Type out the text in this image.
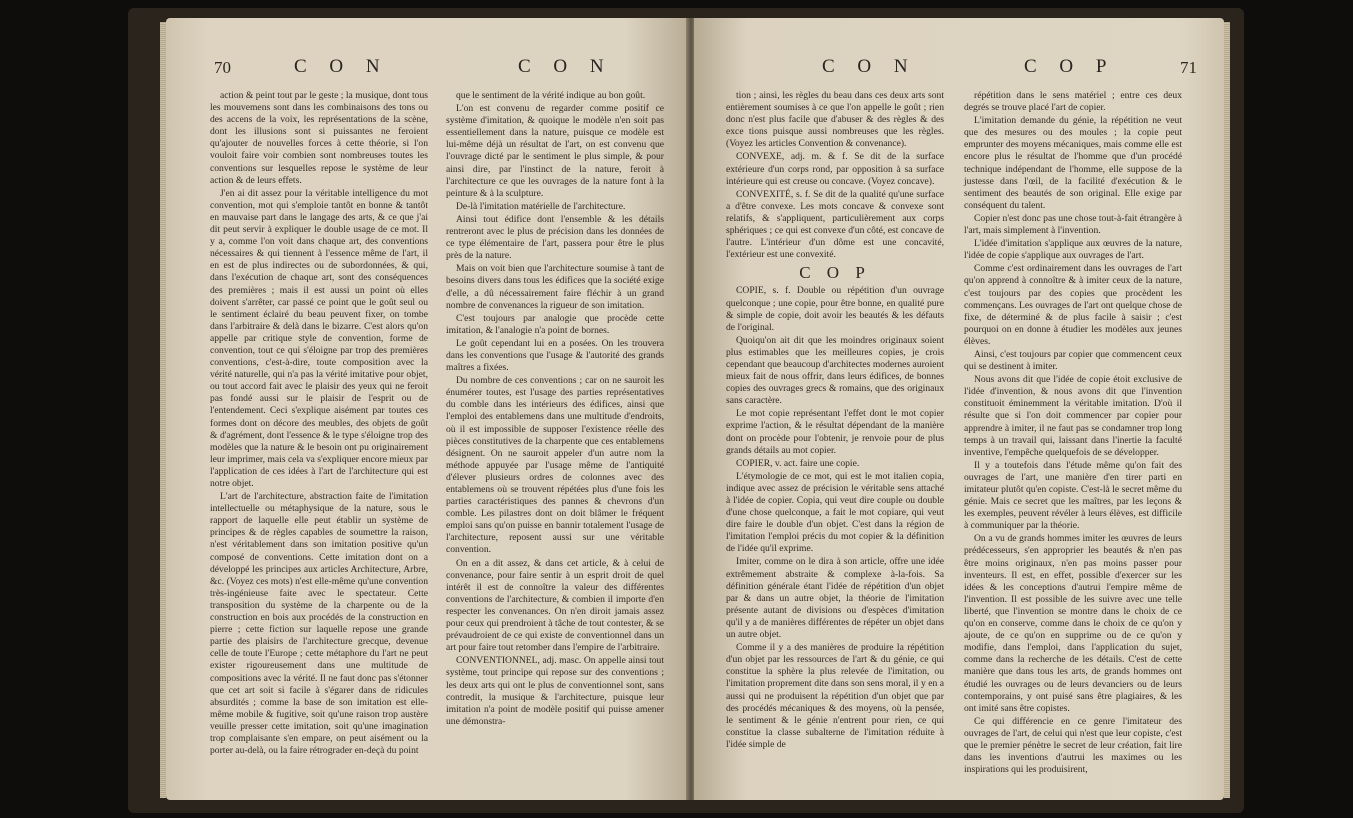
70	C O N	C O N

action & peint tout par le geste ; la musique, dont tous les mouvemens sont dans les combinaisons des tons ou des accens de la voix, les représentations de la scène, dont les illusions sont si puissantes ne feroient qu'ajouter de nouvelles forces à cette théorie, si l'on vouloit faire voir combien sont nombreuses toutes les conventions sur lesquelles repose le système de leur action & de leurs effets.

J'en ai dit assez pour la véritable intelligence du mot convention, mot qui s'emploie tantôt en bonne & tantôt en mauvaise part dans le langage des arts, & ce que j'ai dit peut servir à expliquer le double usage de ce mot. Il y a, comme l'on voit dans chaque art, des conventions nécessaires & qui tiennent à l'essence même de l'art, il en est de plus indirectes ou de subordonnées, & qui, dans l'exécution de chaque art, sont des conséquences des premières ; mais il est aussi un point où elles doivent s'arrêter, car passé ce point que le goût seul ou le sentiment éclairé du beau peuvent fixer, on tombe dans l'arbitraire & delà dans le bizarre. C'est alors qu'on appelle par critique style de convention, forme de convention, tout ce qui s'éloigne par trop des premières conventions, c'est-à-dire, toute composition avec la vérité naturelle, qui n'a pas la vérité imitative pour objet, ou tout accord fait avec le plaisir des yeux qui ne feroit pas fondé aussi sur le plaisir de l'esprit ou de l'entendement. Ceci s'explique aisément par toutes ces formes dont on décore des meubles, des objets de goût & d'agrément, dont l'essence & le type s'éloigne trop des modèles que la nature & le besoin ont pu originairement leur imprimer, mais cela va s'expliquer encore mieux par l'application de ces idées à l'art de l'architecture qui est notre objet.

L'art de l'architecture, abstraction faite de l'imitation intellectuelle ou métaphysique de la nature, sous le rapport de laquelle elle peut établir un système de principes & de règles capables de soumettre la raison, n'est véritablement dans son imitation positive qu'un composé de conventions. Cette imitation dont on a développé les principes aux articles Architecture, Arbre, &c. (Voyez ces mots) n'est elle-même qu'une convention très-ingénieuse faite avec le spectateur. Cette transposition du système de la charpente ou de la construction en bois aux procédés de la construction en pierre ; cette fiction sur laquelle repose une grande partie des plaisirs de l'architecture grecque, devenue celle de toute l'Europe ; cette métaphore du l'art ne peut exister rigoureusement dans une multitude de compositions avec la vérité. Il ne faut donc pas s'étonner que cet art soit si facile à s'égarer dans de ridicules absurdités ; comme la base de son imitation est elle-même mobile & fugitive, soit qu'une raison trop austère veuille presser cette imitation, soit qu'une imagination trop complaisante s'en empare, on peut aisément ou la porter au-delà, ou la faire rétrograder en-deçà du point

que le sentiment de la vérité indique au bon goût.

L'on est convenu de regarder comme positif ce système d'imitation, & quoique le modèle n'en soit pas essentiellement dans la nature, puisque ce modèle est lui-même déjà un résultat de l'art, on est convenu que l'ouvrage dicté par le sentiment le plus simple, & pour ainsi dire, par l'instinct de la nature, feroit à l'architecture ce que les ouvrages de la nature font à la peinture & à la sculpture.

De-là l'imitation matérielle de l'architecture.

Ainsi tout édifice dont l'ensemble & les détails rentreront avec le plus de précision dans les données de ce type élémentaire de l'art, passera pour être le plus près de la nature.

Mais on voit bien que l'architecture soumise à tant de besoins divers dans tous les édifices que la société exige d'elle, a dû nécessairement faire fléchir à un grand nombre de convenances la rigueur de son imitation.

C'est toujours par analogie que procède cette imitation, & l'analogie n'a point de bornes.

Le goût cependant lui en a posées. On les trouvera dans les conventions que l'usage & l'autorité des grands maîtres a fixées.

Du nombre de ces conventions ; car on ne sauroit les énumérer toutes, est l'usage des parties représentatives du comble dans les intérieurs des édifices, ainsi que l'emploi des entablemens dans une multitude d'endroits, où il est impossible de supposer l'existence réelle des pièces constitutives de la charpente que ces entablemens désignent. On ne sauroit appeler d'un autre nom la méthode appuyée par l'usage même de l'antiquité d'élever plusieurs ordres de colonnes avec des entablemens où se trouvent répétées plus d'une fois les parties caractéristiques des pannes & chevrons d'un comble. Les pilastres dont on doit blâmer le fréquent emploi sans qu'on puisse en bannir totalement l'usage de l'architecture, reposent aussi sur une véritable convention.

On en a dit assez, & dans cet article, & à celui de convenance, pour faire sentir à un esprit droit de quel intérêt il est de connoître la valeur des différentes conventions de l'architecture, & combien il importe d'en respecter les convenances. On n'en diroit jamais assez pour ceux qui prendroient à tâche de tout contester, & se prévaudroient de ce qui existe de conventionnel dans un art pour faire tout retomber dans l'empire de l'arbitraire.

CONVENTIONNEL, adj. masc. On appelle ainsi tout système, tout principe qui repose sur des conventions ; les deux arts qui ont le plus de conventionnel sont, sans contredit, la musique & l'architecture, puisque leur imitation n'a point de modèle positif qui puisse amener une démonstra-

C O N	C O P	71

tion ; ainsi, les règles du beau dans ces deux arts sont entièrement soumises à ce que l'on appelle le goût ; rien donc n'est plus facile que d'abuser & des règles & des exce tions puisque aussi nombreuses que les règles. (Voyez les articles Convention & convenance).

CONVEXE, adj. m. & f. Se dit de la surface extérieure d'un corps rond, par opposition à sa surface intérieure qui est creuse ou concave. (Voyez concave).

CONVEXITÉ, s. f. Se dit de la qualité qu'une surface a d'être convexe. Les mots concave & convexe sont relatifs, & s'appliquent, particulièrement aux corps sphériques ; ce qui est convexe d'un côté, est concave de l'autre. L'intérieur d'un dôme est une concavité, l'extérieur est une convexité.

C O P

COPIE, s. f. Double ou répétition d'un ouvrage quelconque ; une copie, pour être bonne, en qualité pure & simple de copie, doit avoir les beautés & les défauts de l'original.

Quoiqu'on ait dit que les moindres originaux soient plus estimables que les meilleures copies, je crois cependant que beaucoup d'architectes modernes auroient mieux fait de nous offrir, dans leurs édifices, de bonnes copies des ouvrages grecs & romains, que des originaux sans caractère.

Le mot copie représentant l'effet dont le mot copier exprime l'action, & le résultat dépendant de la manière dont on procède pour l'obtenir, je renvoie pour de plus grands détails au mot copier.

COPIER, v. act. faire une copie.

L'étymologie de ce mot, qui est le mot italien copia, indique avec assez de précision le véritable sens attaché à l'idée de copier. Copia, qui veut dire couple ou double d'une chose quelconque, a fait le mot copiare, qui veut dire faire le double d'un objet. C'est dans la région de l'imitation l'emploi précis du mot copier & la définition de l'idée qu'il exprime.

Imiter, comme on le dira à son article, offre une idée extrêmement abstraite & complexe à-la-fois. Sa définition générale étant l'idée de répétition d'un objet par & dans un autre objet, la théorie de l'imitation présente autant de divisions ou d'espèces d'imitation qu'il y a de manières différentes de répéter un objet dans un autre objet.

Comme il y a des manières de produire la répétition d'un objet par les ressources de l'art & du génie, ce qui constitue la sphère la plus relevée de l'imitation, ou l'imitation proprement dite dans son sens moral, il y en a aussi qui ne produisent la répétition d'un objet que par des procédés mécaniques & des moyens, où la pensée, le sentiment & le génie n'entrent pour rien, ce qui constitue la classe subalterne de l'imitation réduite à l'idée simple de

répétition dans le sens matériel ; entre ces deux degrés se trouve placé l'art de copier.

L'imitation demande du génie, la répétition ne veut que des mesures ou des moules ; la copie peut emprunter des moyens mécaniques, mais comme elle est encore plus le résultat de l'homme que d'un procédé technique indépendant de l'homme, elle suppose de la justesse dans l'œil, de la facilité d'exécution & le sentiment des beautés de son original. Elle exige par conséquent du talent.

Copier n'est donc pas une chose tout-à-fait étrangère à l'art, mais simplement à l'invention.

L'idée d'imitation s'applique aux œuvres de la nature, l'idée de copie s'applique aux ouvrages de l'art.

Comme c'est ordinairement dans les ouvrages de l'art qu'on apprend à connoître & à imiter ceux de la nature, c'est toujours par des copies que procèdent les commençans. Les ouvrages de l'art ont quelque chose de fixe, de déterminé & de plus facile à saisir ; c'est pourquoi on en donne à étudier les modèles aux jeunes élèves.

Ainsi, c'est toujours par copier que commencent ceux qui se destinent à imiter.

Nous avons dit que l'idée de copie étoit exclusive de l'idée d'invention, & nous avons dit que l'invention constituoit éminemment la véritable imitation. D'où il résulte que si l'on doit commencer par copier pour apprendre à imiter, il ne faut pas se condamner trop long temps à un travail qui, laissant dans l'inertie la faculté inventive, l'empêche quelquefois de se développer.

Il y a toutefois dans l'étude même qu'on fait des ouvrages de l'art, une manière d'en tirer parti en imitateur plutôt qu'en copiste. C'est-là le secret même du génie. Mais ce secret que les maîtres, par les leçons & les exemples, peuvent révéler à leurs élèves, est difficile à communiquer par la théorie.

On a vu de grands hommes imiter les œuvres de leurs prédécesseurs, s'en approprier les beautés & n'en pas être moins originaux, n'en pas moins passer pour inventeurs. Il est, en effet, possible d'exercer sur les idées & les conceptions d'autrui l'empire même de l'invention. Il est possible de les suivre avec une telle liberté, que l'invention se montre dans le choix de ce qu'on en conserve, comme dans le choix de ce qu'on y ajoute, de ce qu'on en supprime ou de ce qu'on y modifie, dans l'emploi, dans l'application du sujet, comme dans la recherche de les détails. C'est de cette manière que dans tous les arts, de grands hommes ont étudié les ouvrages ou de leurs devanciers ou de leurs contemporains, y ont puisé sans être plagiaires, & les ont imité sans être copistes.

Ce qui différencie en ce genre l'imitateur des ouvrages de l'art, de celui qui n'est que leur copiste, c'est que le premier pénètre le secret de leur création, fait lire dans les inventions d'autrui les maximes ou les inspirations qui les produisirent,
